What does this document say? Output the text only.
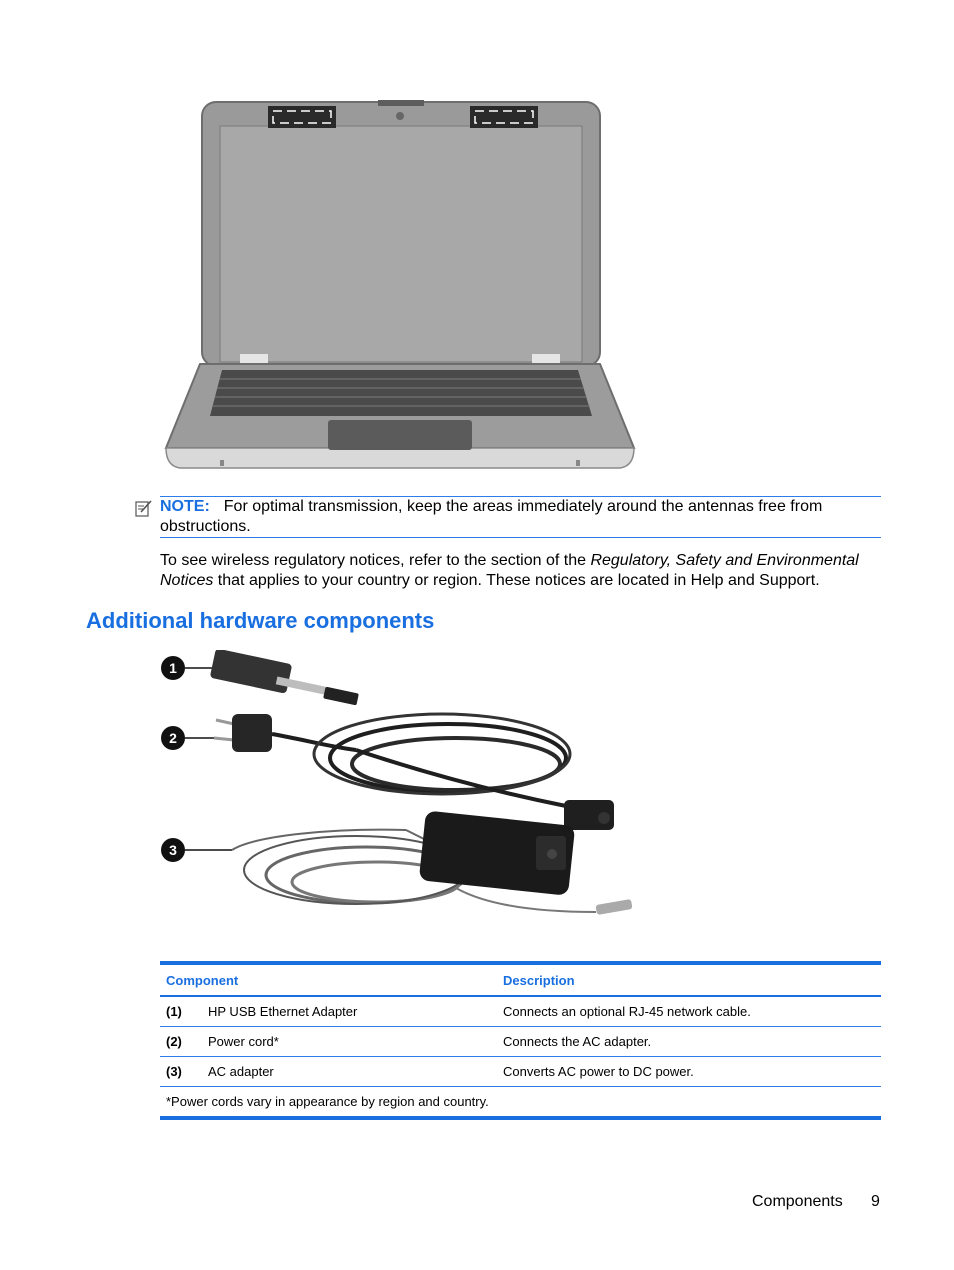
NOTE: For optimal transmission, keep the areas immediately around the antennas free from obstructions.
To see wireless regulatory notices, refer to the section of the Regulatory, Safety and Environmental Notices that applies to your country or region. These notices are located in Help and Support.
Additional hardware components
1
2
3
Component	Description
(1)	HP USB Ethernet Adapter	Connects an optional RJ-45 network cable.
(2)	Power cord*	Connects the AC adapter.
(3)	AC adapter	Converts AC power to DC power.
*Power cords vary in appearance by region and country.
Components 9
